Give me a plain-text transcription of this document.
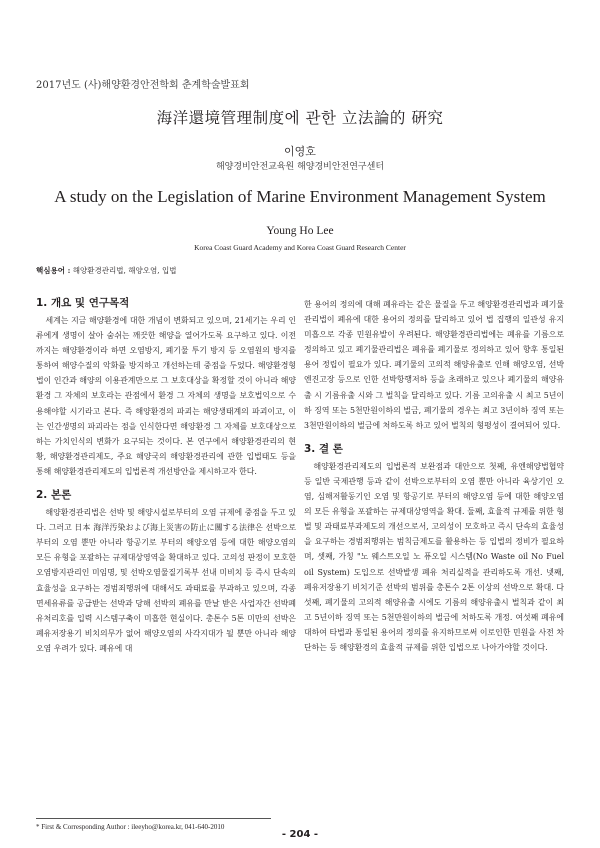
2017년도 (사)해양환경안전학회 춘계학술발표회
海洋還境管理制度에 관한 立法論的 硏究
이영호
해양경비안전교육원 해양경비안전연구센터
A study on the Legislation of Marine Environment Management System
Young Ho Lee
Korea Coast Guard Academy and Korea Coast Guard Research Center
핵심용어 : 해양환경관리법, 해양오염, 입법
1. 개요 및 연구목적

세계는 지금 해양환경에 대한 개념이 변화되고 있으며, 21세기는 우리 인류에게 생명이 살아 숨쉬는 깨끗한 해양을 열어가도록 요구하고 있다. 이전까지는 해양환경이라 하면 오염방지, 폐기물 투기 방지 등 오염원의 방지를 통하여 해양수질의 악화를 방지하고 개선하는데 중점을 두었다. 해양환경형법이 인간과 해양의 이용관계만으로 그 보호대상을 확정할 것이 아니라 해양환경 그 자체의 보호라는 관점에서 환경 그 자체의 생명을 보호법익으로 수용해야할 시기라고 본다. 즉 해양환경의 파괴는 해양생태계의 파괴이고, 이는 인간생명의 파괴라는 점을 인식한다면 해양환경 그 자체를 보호대상으로 하는 가치인식의 변화가 요구되는 것이다. 본 연구에서 해양환경관리의 현황, 해양환경관리제도, 주요 해양국의 해양환경관리에 관한 입법태도 등을 통해 해양환경관리제도의 입법론적 개선방안을 제시하고자 한다.

2. 본론

해양환경관리법은 선박 및 해양시설로부터의 오염 규제에 중점을 두고 있다. 그러고 日本 海洋汚染および海上災害の防止に關する法律은 선박으로부터의 오염 뿐만 아니라 항공기로 부터의 해양오염 등에 대한 해양오염의 모든 유형을 포괄하는 규제대상영역을 확대하고 있다. 고의성 판정이 모호한 오염방지관리인 미임명, 및 선박오염물질기록부 선내 미비치 등 즉시 단속의 효율성을 요구하는 경범죄행위에 대해서도 과태료를 부과하고 있으며, 각종 면세유류를 공급받는 선박과 당해 선박의 폐유를 만날 받은 사업자간 선박폐유처리호를 입력 시스템구축이 미흡한 현실이다. 총톤수 5톤 미만의 선박은 폐유저장용기 비치의무가 없어 해양오염의 사각지대가 될 뿐만 아니라 해양오염 우려가 있다. 폐유에 대

한 용어의 정의에 대해 폐유라는 같은 물질을 두고 해양환경관리법과 폐기물관리법이 폐유에 대한 용어의 정의를 달리하고 있어 법 집행의 일관성 유지 미흡으로 각종 민원유발이 우려된다. 해양환경관리법에는 폐유를 기름으로 정의하고 있고 폐기물관리법은 폐유를 폐기물로 정의하고 있어 향후 통일된 용어 정립이 필요가 있다. 폐기물의 고의적 해양유출로 인해 해양오염, 선박엔진고장 등으로 인한 선박항행저하 등을 초래하고 있으나 폐기물의 해양유출 시 기름유출 시와 그 벌칙을 달리하고 있다. 기름 고의유출 시 최고 5년이하 징역 또는 5천만원이하의 벌금, 폐기물의 경우는 최고 3년이하 징역 또는 3천만원이하의 벌금에 처하도록 하고 있어 벌칙의 형평성이 결여되어 있다.

3. 결 론

해양환경관리제도의 입법론적 보완점과 대안으로 첫째, 유엔해양법협약 등 일반 국제관행 등과 같이 선박으로부터의 오염 뿐만 아니라 육상기인 오염, 심해저활동기인 오염 및 항공기로 부터의 해양오염 등에 대한 해양오염의 모든 유형을 포괄하는 규제대상영역을 확대. 둘째, 효율적 규제를 위한 형벌 및 과태료부과제도의 개선으로서, 고의성이 모호하고 즉시 단속의 효율성을 요구하는 경범죄행위는 범칙금제도를 활용하는 등 입법의 정비가 필요하며, 셋째, 가칭 "노 웨스트오일 노 퓨오일 시스템(No Waste oil No Fuel oil System) 도입으로 선박발생 폐유 처리실적을 관리하도록 개선. 넷째, 폐유저장용기 비치기준 선박의 범위를 총톤수 2톤 이상의 선박으로 확대. 다섯째, 폐기물의 고의적 해양유출 시에도 기름의 해양유출시 벌칙과 같이 최고 5년이하 징역 또는 5천만원이하의 벌금에 처하도록 개정. 여섯째 폐유에 대하여 타법과 통일된 용어의 정의를 유지하므로써 이로인한 민원을 사전 차단하는 등 해양환경의 효율적 규제를 위한 입법으로 나아가야할 것이다.

* First & Corresponding Author : ileeyho@korea.kr, 041-640-2010
- 204 -
